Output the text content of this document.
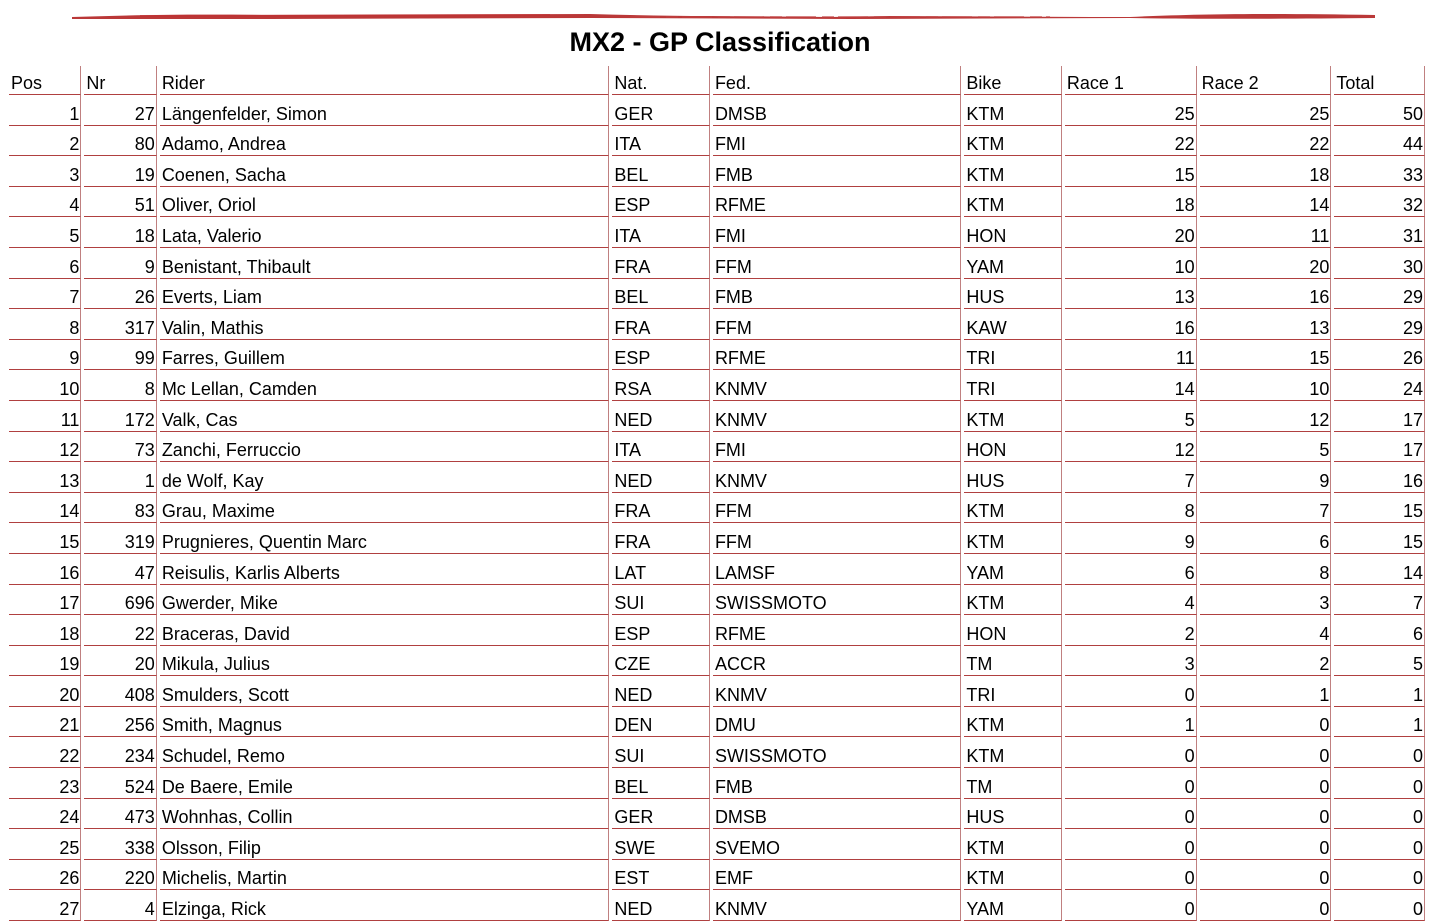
MX2 - GP Classification
Pos	Nr	Rider	Nat.	Fed.	Bike	Race 1	Race 2	Total
1	27	Längenfelder, Simon	GER	DMSB	KTM	25	25	50
2	80	Adamo, Andrea	ITA	FMI	KTM	22	22	44
3	19	Coenen, Sacha	BEL	FMB	KTM	15	18	33
4	51	Oliver, Oriol	ESP	RFME	KTM	18	14	32
5	18	Lata, Valerio	ITA	FMI	HON	20	11	31
6	9	Benistant, Thibault	FRA	FFM	YAM	10	20	30
7	26	Everts, Liam	BEL	FMB	HUS	13	16	29
8	317	Valin, Mathis	FRA	FFM	KAW	16	13	29
9	99	Farres, Guillem	ESP	RFME	TRI	11	15	26
10	8	Mc Lellan, Camden	RSA	KNMV	TRI	14	10	24
11	172	Valk, Cas	NED	KNMV	KTM	5	12	17
12	73	Zanchi, Ferruccio	ITA	FMI	HON	12	5	17
13	1	de Wolf, Kay	NED	KNMV	HUS	7	9	16
14	83	Grau, Maxime	FRA	FFM	KTM	8	7	15
15	319	Prugnieres, Quentin Marc	FRA	FFM	KTM	9	6	15
16	47	Reisulis, Karlis Alberts	LAT	LAMSF	YAM	6	8	14
17	696	Gwerder, Mike	SUI	SWISSMOTO	KTM	4	3	7
18	22	Braceras, David	ESP	RFME	HON	2	4	6
19	20	Mikula, Julius	CZE	ACCR	TM	3	2	5
20	408	Smulders, Scott	NED	KNMV	TRI	0	1	1
21	256	Smith, Magnus	DEN	DMU	KTM	1	0	1
22	234	Schudel, Remo	SUI	SWISSMOTO	KTM	0	0	0
23	524	De Baere, Emile	BEL	FMB	TM	0	0	0
24	473	Wohnhas, Collin	GER	DMSB	HUS	0	0	0
25	338	Olsson, Filip	SWE	SVEMO	KTM	0	0	0
26	220	Michelis, Martin	EST	EMF	KTM	0	0	0
27	4	Elzinga, Rick	NED	KNMV	YAM	0	0	0
